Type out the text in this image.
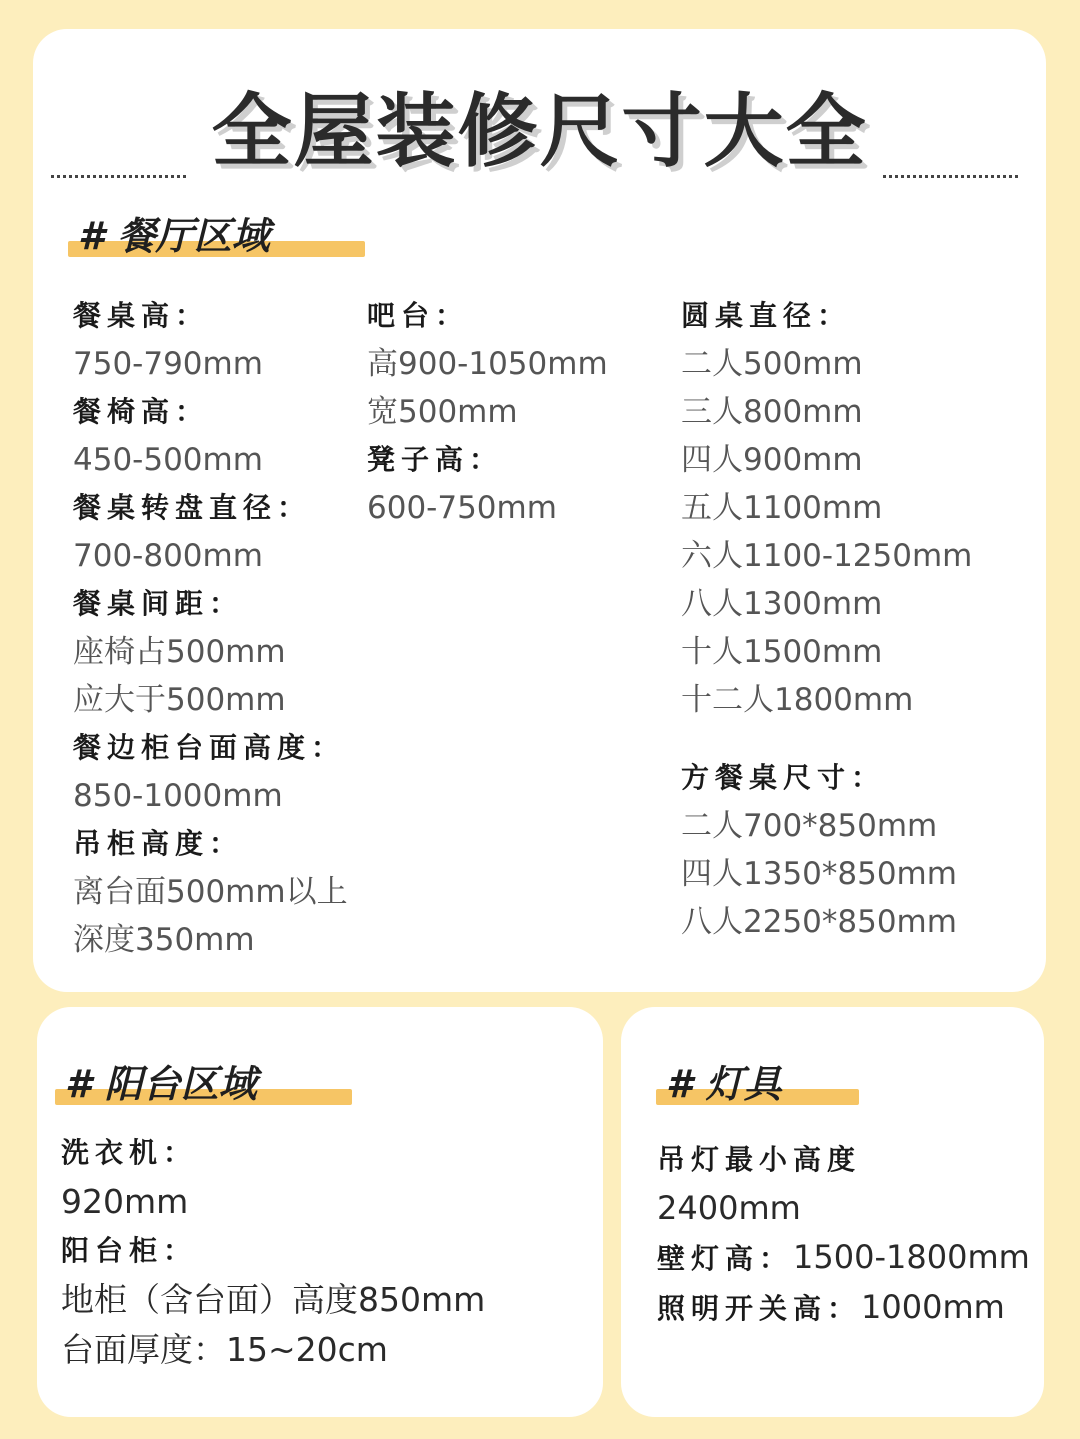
全屋装修尺寸大全
# 餐厅区域
餐桌高：
750-790mm
餐椅高：
450-500mm
餐桌转盘直径：
700-800mm
餐桌间距：
座椅占500mm
应大于500mm
餐边柜台面高度：
850-1000mm
吊柜高度：
离台面500mm以上
深度350mm
吧台：
高900-1050mm
宽500mm
凳子高：
600-750mm
圆桌直径：
二人500mm
三人800mm
四人900mm
五人1100mm
六人1100-1250mm
八人1300mm
十人1500mm
十二人1800mm
方餐桌尺寸：
二人700*850mm
四人1350*850mm
八人2250*850mm
# 阳台区域
洗衣机：
920mm
阳台柜：
地柜（含台面）高度850mm
台面厚度：15~20cm
# 灯具
吊灯最小高度
2400mm
壁灯高：1500-1800mm
照明开关高：1000mm
